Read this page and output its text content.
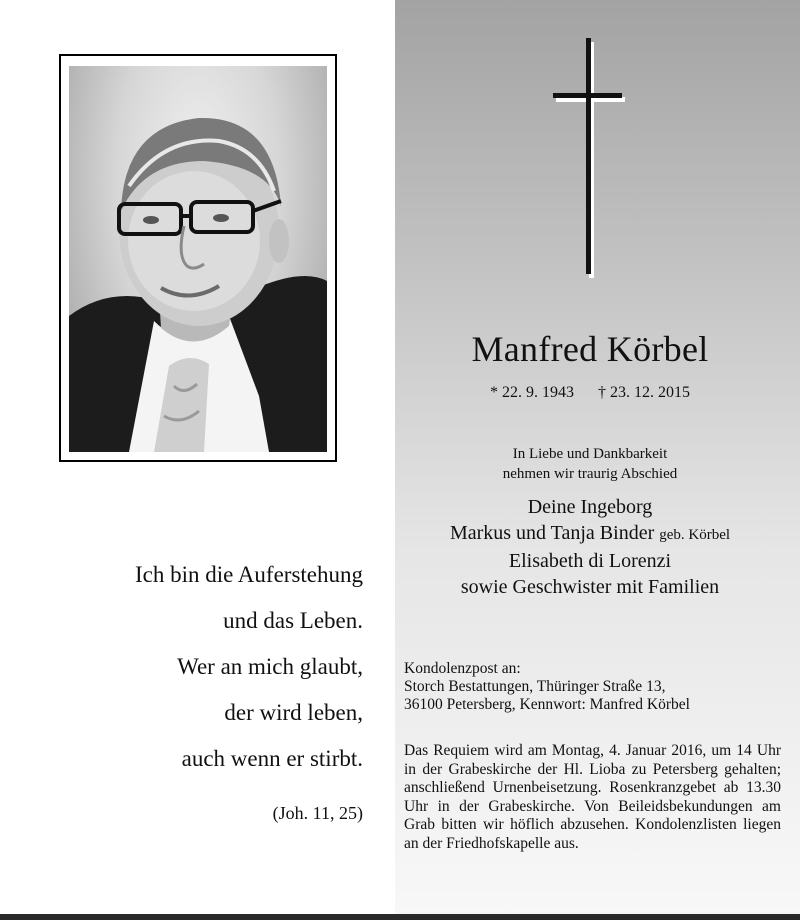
Ich bin die Auferstehung
und das Leben.
Wer an mich glaubt,
der wird leben,
auch wenn er stirbt.
(Joh. 11, 25)
Manfred Körbel
* 22. 9. 1943 † 23. 12. 2015
In Liebe und Dankbarkeit
nehmen wir traurig Abschied
Deine Ingeborg
Markus und Tanja Binder geb. Körbel
Elisabeth di Lorenzi
sowie Geschwister mit Familien
Kondolenzpost an:
Storch Bestattungen, Thüringer Straße 13,
36100 Petersberg, Kennwort: Manfred Körbel
Das Requiem wird am Montag, 4. Januar 2016, um 14 Uhr in der Grabeskirche der Hl. Lioba zu Petersberg gehalten; anschließend Urnenbeisetzung. Rosenkranzgebet ab 13.30 Uhr in der Grabeskirche. Von Beileidsbekundungen am Grab bitten wir höflich abzusehen. Kondolenzlisten liegen an der Friedhofskapelle aus.
